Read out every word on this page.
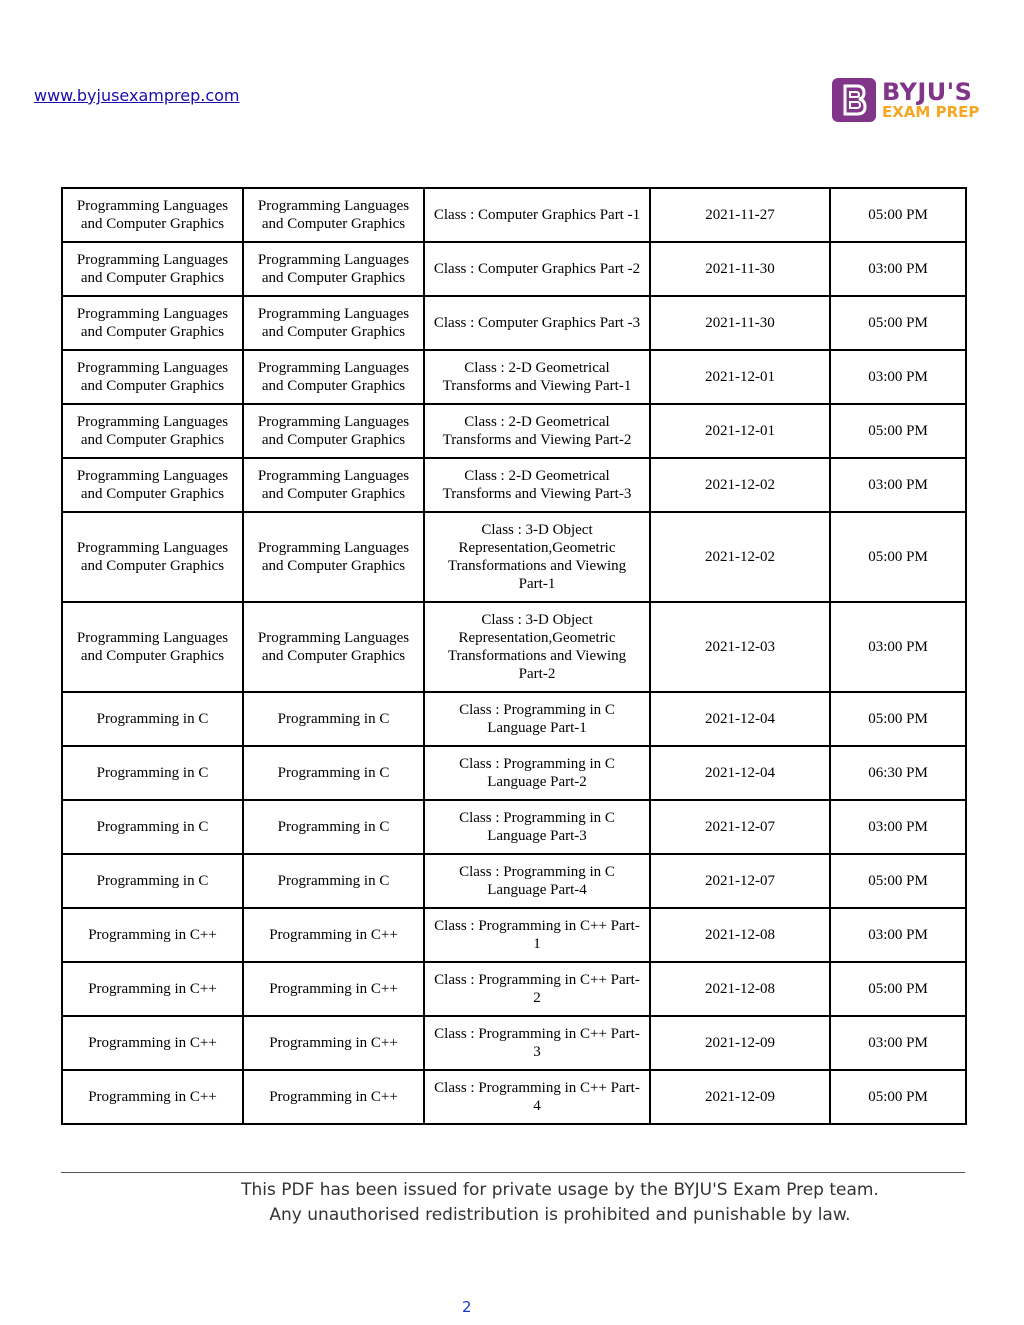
www.byjusexamprep.com	BYJU'S
EXAM PREP
Programming Languages and Computer Graphics	Programming Languages and Computer Graphics	Class : Computer Graphics Part -1	2021-11-27	05:00 PM
Programming Languages and Computer Graphics	Programming Languages and Computer Graphics	Class : Computer Graphics Part -2	2021-11-30	03:00 PM
Programming Languages and Computer Graphics	Programming Languages and Computer Graphics	Class : Computer Graphics Part -3	2021-11-30	05:00 PM
Programming Languages and Computer Graphics	Programming Languages and Computer Graphics	Class : 2-D Geometrical Transforms and Viewing Part-1	2021-12-01	03:00 PM
Programming Languages and Computer Graphics	Programming Languages and Computer Graphics	Class : 2-D Geometrical Transforms and Viewing Part-2	2021-12-01	05:00 PM
Programming Languages and Computer Graphics	Programming Languages and Computer Graphics	Class : 2-D Geometrical Transforms and Viewing Part-3	2021-12-02	03:00 PM
Programming Languages and Computer Graphics	Programming Languages and Computer Graphics	Class : 3-D Object Representation,Geometric Transformations and Viewing Part-1	2021-12-02	05:00 PM
Programming Languages and Computer Graphics	Programming Languages and Computer Graphics	Class : 3-D Object Representation,Geometric Transformations and Viewing Part-2	2021-12-03	03:00 PM
Programming in C	Programming in C	Class : Programming in C Language Part-1	2021-12-04	05:00 PM
Programming in C	Programming in C	Class : Programming in C Language Part-2	2021-12-04	06:30 PM
Programming in C	Programming in C	Class : Programming in C Language Part-3	2021-12-07	03:00 PM
Programming in C	Programming in C	Class : Programming in C Language Part-4	2021-12-07	05:00 PM
Programming in C++	Programming in C++	Class : Programming in C++ Part-1	2021-12-08	03:00 PM
Programming in C++	Programming in C++	Class : Programming in C++ Part-2	2021-12-08	05:00 PM
Programming in C++	Programming in C++	Class : Programming in C++ Part-3	2021-12-09	03:00 PM
Programming in C++	Programming in C++	Class : Programming in C++ Part-4	2021-12-09	05:00 PM
This PDF has been issued for private usage by the BYJU'S Exam Prep team.
Any unauthorised redistribution is prohibited and punishable by law.
2
